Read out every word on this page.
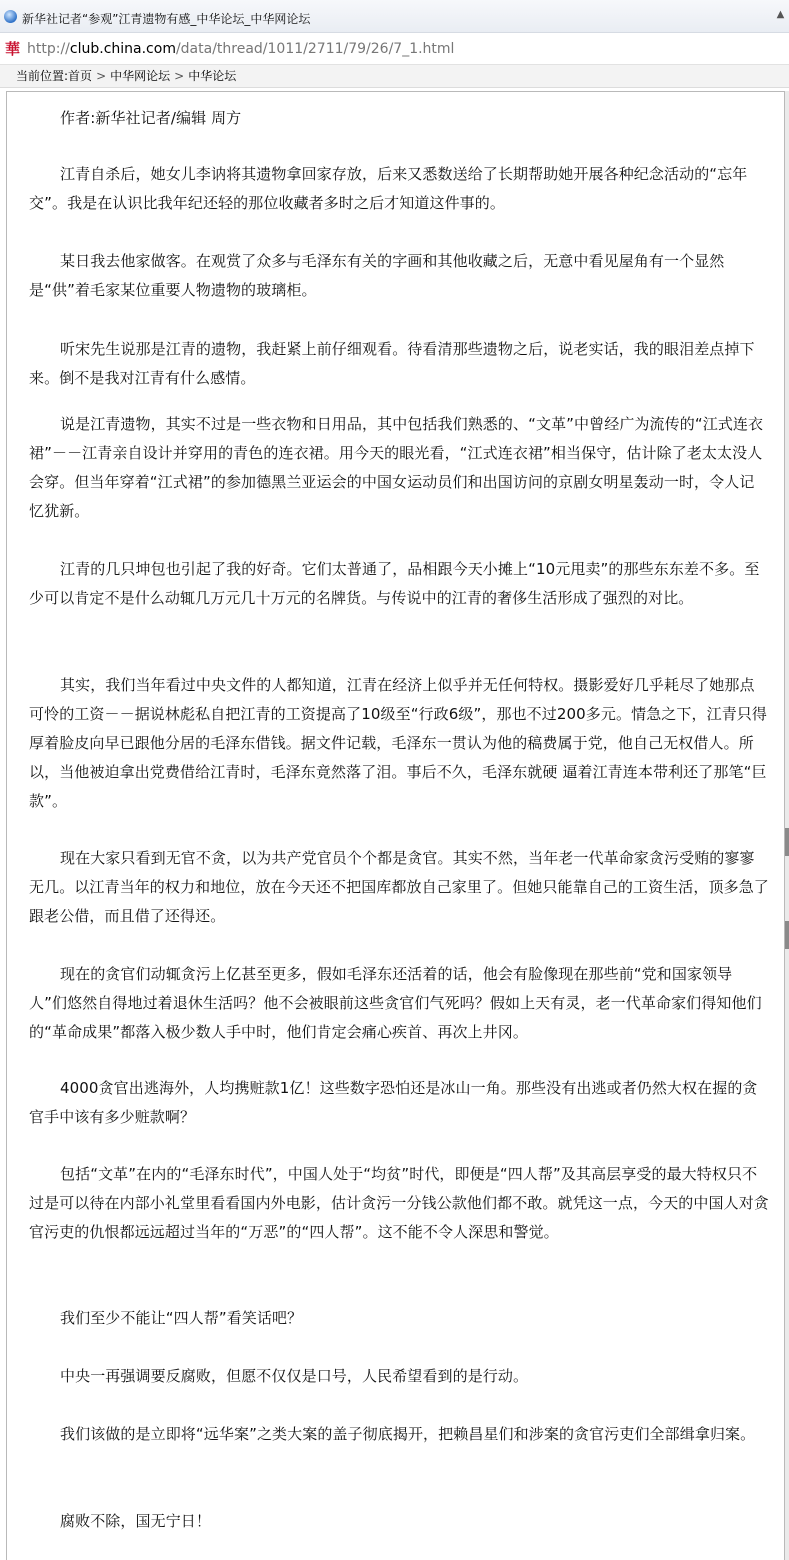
新华社记者“参观”江青遗物有感_中华论坛_中华网论坛	▲
華 http://club.china.com/data/thread/1011/2711/79/26/7_1.html
当前位置:首页 > 中华网论坛 > 中华论坛

作者:新华社记者/编辑 周方

江青自杀后，她女儿李讷将其遗物拿回家存放，后来又悉数送给了长期帮助她开展各种纪念活动的“忘年交”。我是在认识比我年纪还轻的那位收藏者多时之后才知道这件事的。

某日我去他家做客。在观赏了众多与毛泽东有关的字画和其他收藏之后，无意中看见屋角有一个显然是“供”着毛家某位重要人物遗物的玻璃柜。

听宋先生说那是江青的遗物，我赶紧上前仔细观看。待看清那些遗物之后，说老实话，我的眼泪差点掉下来。倒不是我对江青有什么感情。

说是江青遗物，其实不过是一些衣物和日用品，其中包括我们熟悉的、“文革”中曾经广为流传的“江式连衣裙”－－江青亲自设计并穿用的青色的连衣裙。用今天的眼光看，“江式连衣裙”相当保守，估计除了老太太没人会穿。但当年穿着“江式裙”的参加德黑兰亚运会的中国女运动员们和出国访问的京剧女明星轰动一时，令人记忆犹新。

江青的几只坤包也引起了我的好奇。它们太普通了，品相跟今天小摊上“10元甩卖”的那些东东差不多。至少可以肯定不是什么动辄几万元几十万元的名牌货。与传说中的江青的奢侈生活形成了强烈的对比。

其实，我们当年看过中央文件的人都知道，江青在经济上似乎并无任何特权。摄影爱好几乎耗尽了她那点可怜的工资－－据说林彪私自把江青的工资提高了10级至“行政6级”，那也不过200多元。情急之下，江青只得厚着脸皮向早已跟他分居的毛泽东借钱。据文件记载，毛泽东一贯认为他的稿费属于党，他自己无权借人。所以，当他被迫拿出党费借给江青时，毛泽东竟然落了泪。事后不久，毛泽东就硬 逼着江青连本带利还了那笔“巨款”。

现在大家只看到无官不贪，以为共产党官员个个都是贪官。其实不然，当年老一代革命家贪污受贿的寥寥无几。以江青当年的权力和地位，放在今天还不把国库都放自己家里了。但她只能靠自己的工资生活，顶多急了跟老公借，而且借了还得还。

现在的贪官们动辄贪污上亿甚至更多，假如毛泽东还活着的话，他会有脸像现在那些前“党和国家领导人”们悠然自得地过着退休生活吗？他不会被眼前这些贪官们气死吗？假如上天有灵，老一代革命家们得知他们的“革命成果”都落入极少数人手中时，他们肯定会痛心疾首、再次上井冈。

4000贪官出逃海外，人均携赃款1亿！这些数字恐怕还是冰山一角。那些没有出逃或者仍然大权在握的贪官手中该有多少赃款啊？

包括“文革”在内的“毛泽东时代”，中国人处于“均贫”时代，即便是“四人帮”及其高层享受的最大特权只不过是可以待在内部小礼堂里看看国内外电影，估计贪污一分钱公款他们都不敢。就凭这一点，今天的中国人对贪官污吏的仇恨都远远超过当年的“万恶”的“四人帮”。这不能不令人深思和警觉。

我们至少不能让“四人帮”看笑话吧？

中央一再强调要反腐败，但愿不仅仅是口号，人民希望看到的是行动。

我们该做的是立即将“远华案”之类大案的盖子彻底揭开，把赖昌星们和涉案的贪官污吏们全部缉拿归案。

腐败不除，国无宁日！
